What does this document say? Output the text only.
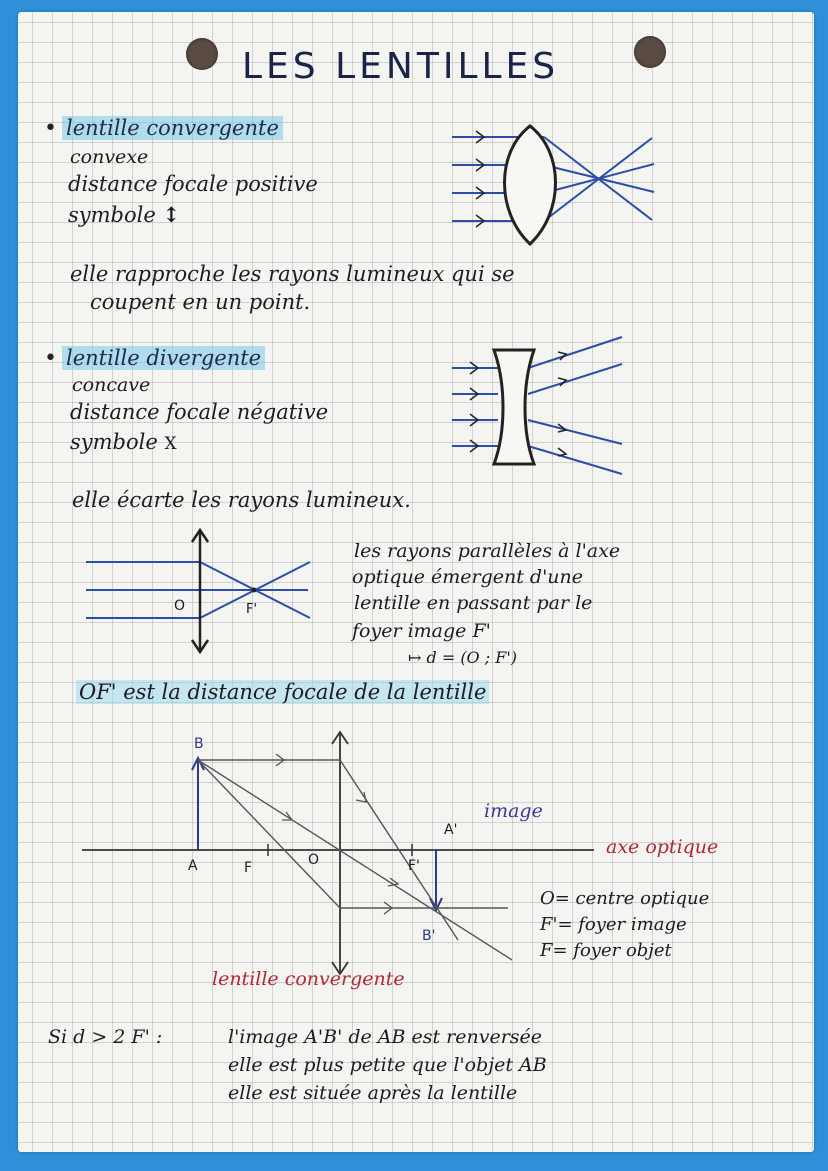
LES LENTILLES
• lentille convergente
convexe
distance focale positive
symbole ↕
elle rapproche les rayons lumineux qui se
coupent en un point.
• lentille divergente
concave
distance focale négative
symbole X
elle écarte les rayons lumineux.
O	F'
les rayons parallèles à l'axe
optique émergent d'une
lentille en passant par le
foyer image F'
↦ d = (O ; F')
OF' est la distance focale de la lentille
B
A	F	O
A'
F'
B'
image
axe optique
lentille convergente
O= centre optique
F'= foyer image
F= foyer objet
Si d > 2 F' :	l'image A'B' de AB est renversée
elle est plus petite que l'objet AB
elle est située après la lentille
